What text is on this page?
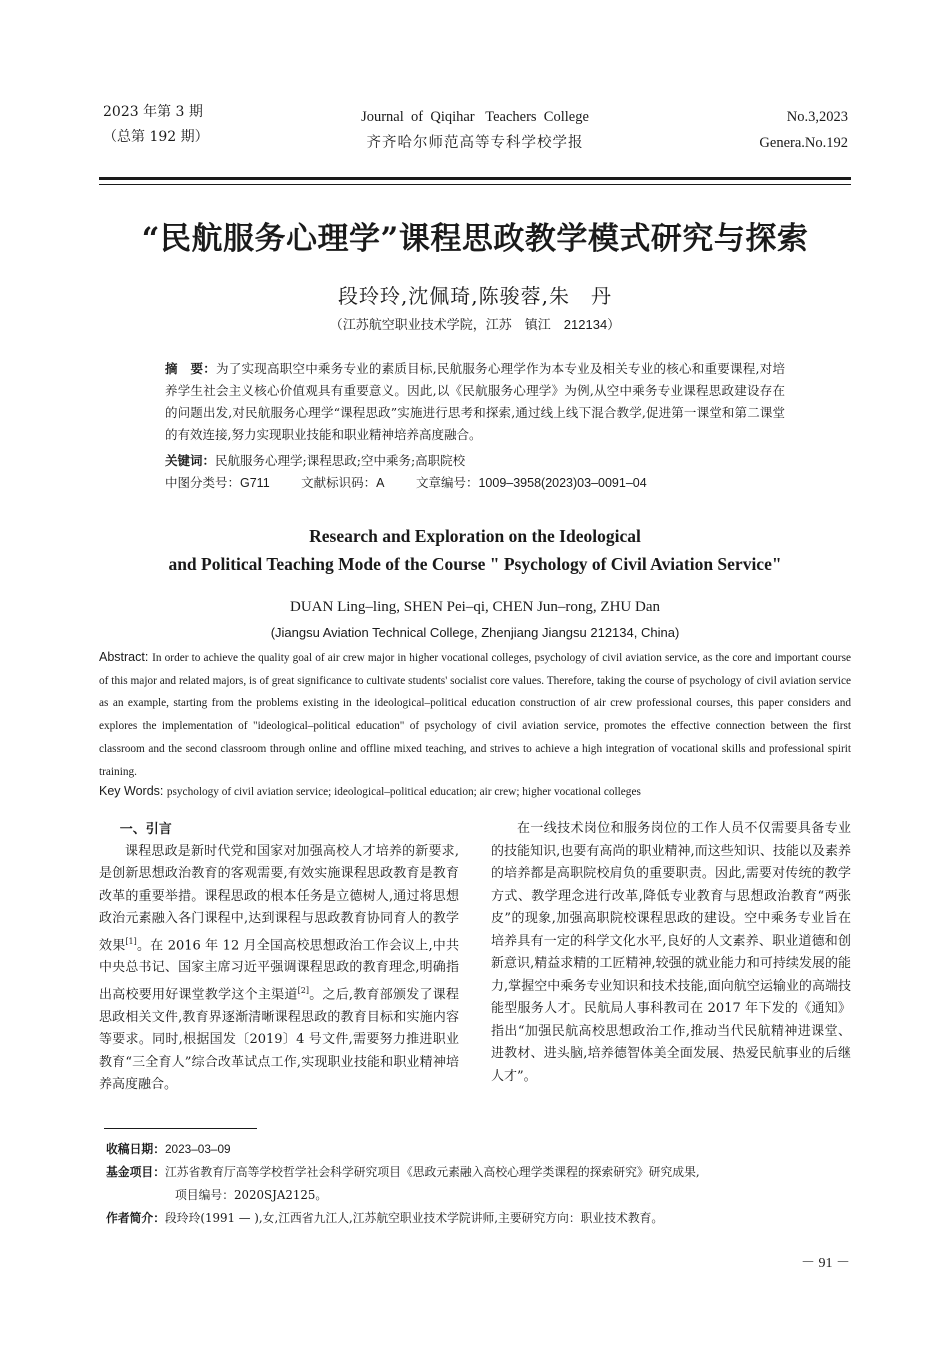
2023 年第 3 期
（总第 192 期）
Journal  of  Qiqihar   Teachers  College
齐齐哈尔师范高等专科学校学报
No.3,2023
Genera.No.192
“民航服务心理学”课程思政教学模式研究与探索
段玲玲,沈佩琦,陈骏蓉,朱　丹
（江苏航空职业技术学院，江苏　镇江　212134）
摘　要：为了实现高职空中乘务专业的素质目标,民航服务心理学作为本专业及相关专业的核心和重要课程,对培养学生社会主义核心价值观具有重要意义。因此,以《民航服务心理学》为例,从空中乘务专业课程思政建设存在的问题出发,对民航服务心理学“课程思政”实施进行思考和探索,通过线上线下混合教学,促进第一课堂和第二课堂的有效连接,努力实现职业技能和职业精神培养高度融合。
关键词：民航服务心理学;课程思政;空中乘务;高职院校
中图分类号：G711	文献标识码：A	文章编号：1009–3958(2023)03–0091–04
Research and Exploration on the Ideological
and Political Teaching Mode of the Course " Psychology of Civil Aviation Service"
DUAN Ling–ling, SHEN Pei–qi, CHEN Jun–rong, ZHU Dan
(Jiangsu Aviation Technical College, Zhenjiang Jiangsu 212134, China)
Abstract: In order to achieve the quality goal of air crew major in higher vocational colleges, psychology of civil aviation service, as the core and important course of this major and related majors, is of great significance to cultivate students' socialist core values. Therefore, taking the course of psychology of civil aviation service as an example, starting from the problems existing in the ideological–political education construction of air crew professional courses, this paper considers and explores the implementation of "ideological–political education" of psychology of civil aviation service, promotes the effective connection between the first classroom and the second classroom through online and offline mixed teaching, and strives to achieve a high integration of vocational skills and professional spirit training.
Key Words: psychology of civil aviation service; ideological–political education; air crew; higher vocational colleges
一、引言

课程思政是新时代党和国家对加强高校人才培养的新要求,是创新思想政治教育的客观需要,有效实施课程思政教育是教育改革的重要举措。课程思政的根本任务是立德树人,通过将思想政治元素融入各门课程中,达到课程与思政教育协同育人的教学效果[1]。在 2016 年 12 月全国高校思想政治工作会议上,中共中央总书记、国家主席习近平强调课程思政的教育理念,明确指出高校要用好课堂教学这个主渠道[2]。之后,教育部颁发了课程思政相关文件,教育界逐渐清晰课程思政的教育目标和实施内容等要求。同时,根据国发〔2019〕4 号文件,需要努力推进职业教育“三全育人”综合改革试点工作,实现职业技能和职业精神培养高度融合。

在一线技术岗位和服务岗位的工作人员不仅需要具备专业的技能知识,也要有高尚的职业精神,而这些知识、技能以及素养的培养都是高职院校肩负的重要职责。因此,需要对传统的教学方式、教学理念进行改革,降低专业教育与思想政治教育“两张皮”的现象,加强高职院校课程思政的建设。空中乘务专业旨在培养具有一定的科学文化水平,良好的人文素养、职业道德和创新意识,精益求精的工匠精神,较强的就业能力和可持续发展的能力,掌握空中乘务专业知识和技术技能,面向航空运输业的高端技能型服务人才。民航局人事科教司在 2017 年下发的《通知》指出“加强民航高校思想政治工作,推动当代民航精神进课堂、进教材、进头脑,培养德智体美全面发展、热爱民航事业的后继人才”。

收稿日期：2023–03–09
基金项目：江苏省教育厅高等学校哲学社会科学研究项目《思政元素融入高校心理学类课程的探索研究》研究成果,
项目编号：2020SJA2125。
作者简介：段玲玲(1991 — ),女,江西省九江人,江苏航空职业技术学院讲师,主要研究方向：职业技术教育。
－ 91 －
